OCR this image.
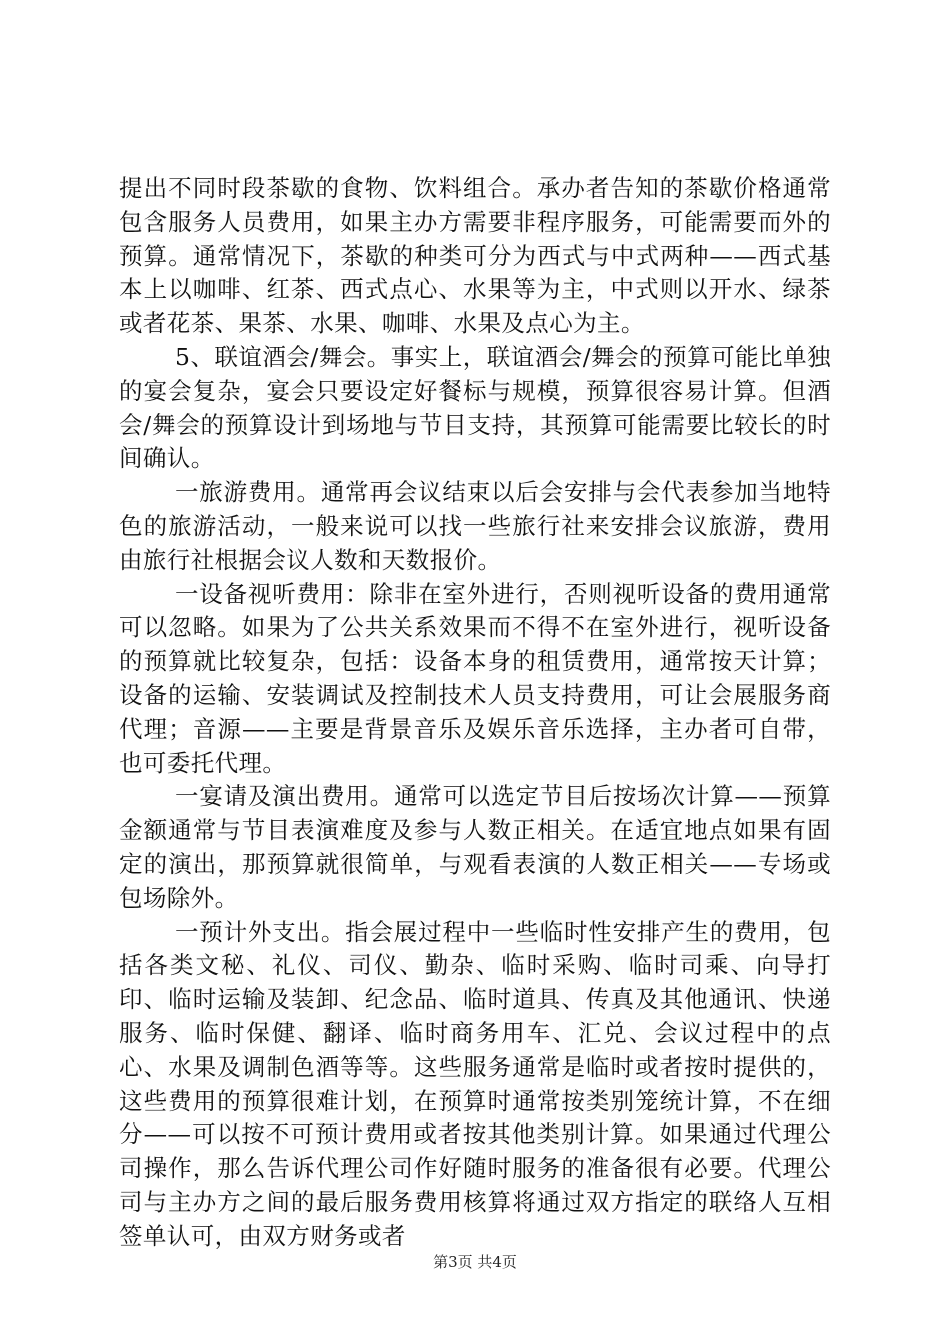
提出不同时段茶歇的食物、饮料组合。承办者告知的茶歇价格通常包含服务人员费用，如果主办方需要非程序服务，可能需要而外的预算。通常情况下，茶歇的种类可分为西式与中式两种——西式基本上以咖啡、红茶、西式点心、水果等为主，中式则以开水、绿茶或者花茶、果茶、水果、咖啡、水果及点心为主。

5、联谊酒会/舞会。事实上，联谊酒会/舞会的预算可能比单独的宴会复杂，宴会只要设定好餐标与规模，预算很容易计算。但酒会/舞会的预算设计到场地与节目支持，其预算可能需要比较长的时间确认。

一旅游费用。通常再会议结束以后会安排与会代表参加当地特色的旅游活动，一般来说可以找一些旅行社来安排会议旅游，费用由旅行社根据会议人数和天数报价。

一设备视听费用：除非在室外进行，否则视听设备的费用通常可以忽略。如果为了公共关系效果而不得不在室外进行，视听设备的预算就比较复杂，包括：设备本身的租赁费用，通常按天计算；设备的运输、安装调试及控制技术人员支持费用，可让会展服务商代理；音源——主要是背景音乐及娱乐音乐选择，主办者可自带，也可委托代理。

一宴请及演出费用。通常可以选定节目后按场次计算——预算金额通常与节目表演难度及参与人数正相关。在适宜地点如果有固定的演出，那预算就很简单，与观看表演的人数正相关——专场或包场除外。

一预计外支出。指会展过程中一些临时性安排产生的费用，包括各类文秘、礼仪、司仪、勤杂、临时采购、临时司乘、向导打印、临时运输及装卸、纪念品、临时道具、传真及其他通讯、快递服务、临时保健、翻译、临时商务用车、汇兑、会议过程中的点心、水果及调制色酒等等。这些服务通常是临时或者按时提供的，这些费用的预算很难计划，在预算时通常按类别笼统计算，不在细分——可以按不可预计费用或者按其他类别计算。如果通过代理公司操作，那么告诉代理公司作好随时服务的准备很有必要。代理公司与主办方之间的最后服务费用核算将通过双方指定的联络人互相签单认可，由双方财务或者

第3页 共4页
